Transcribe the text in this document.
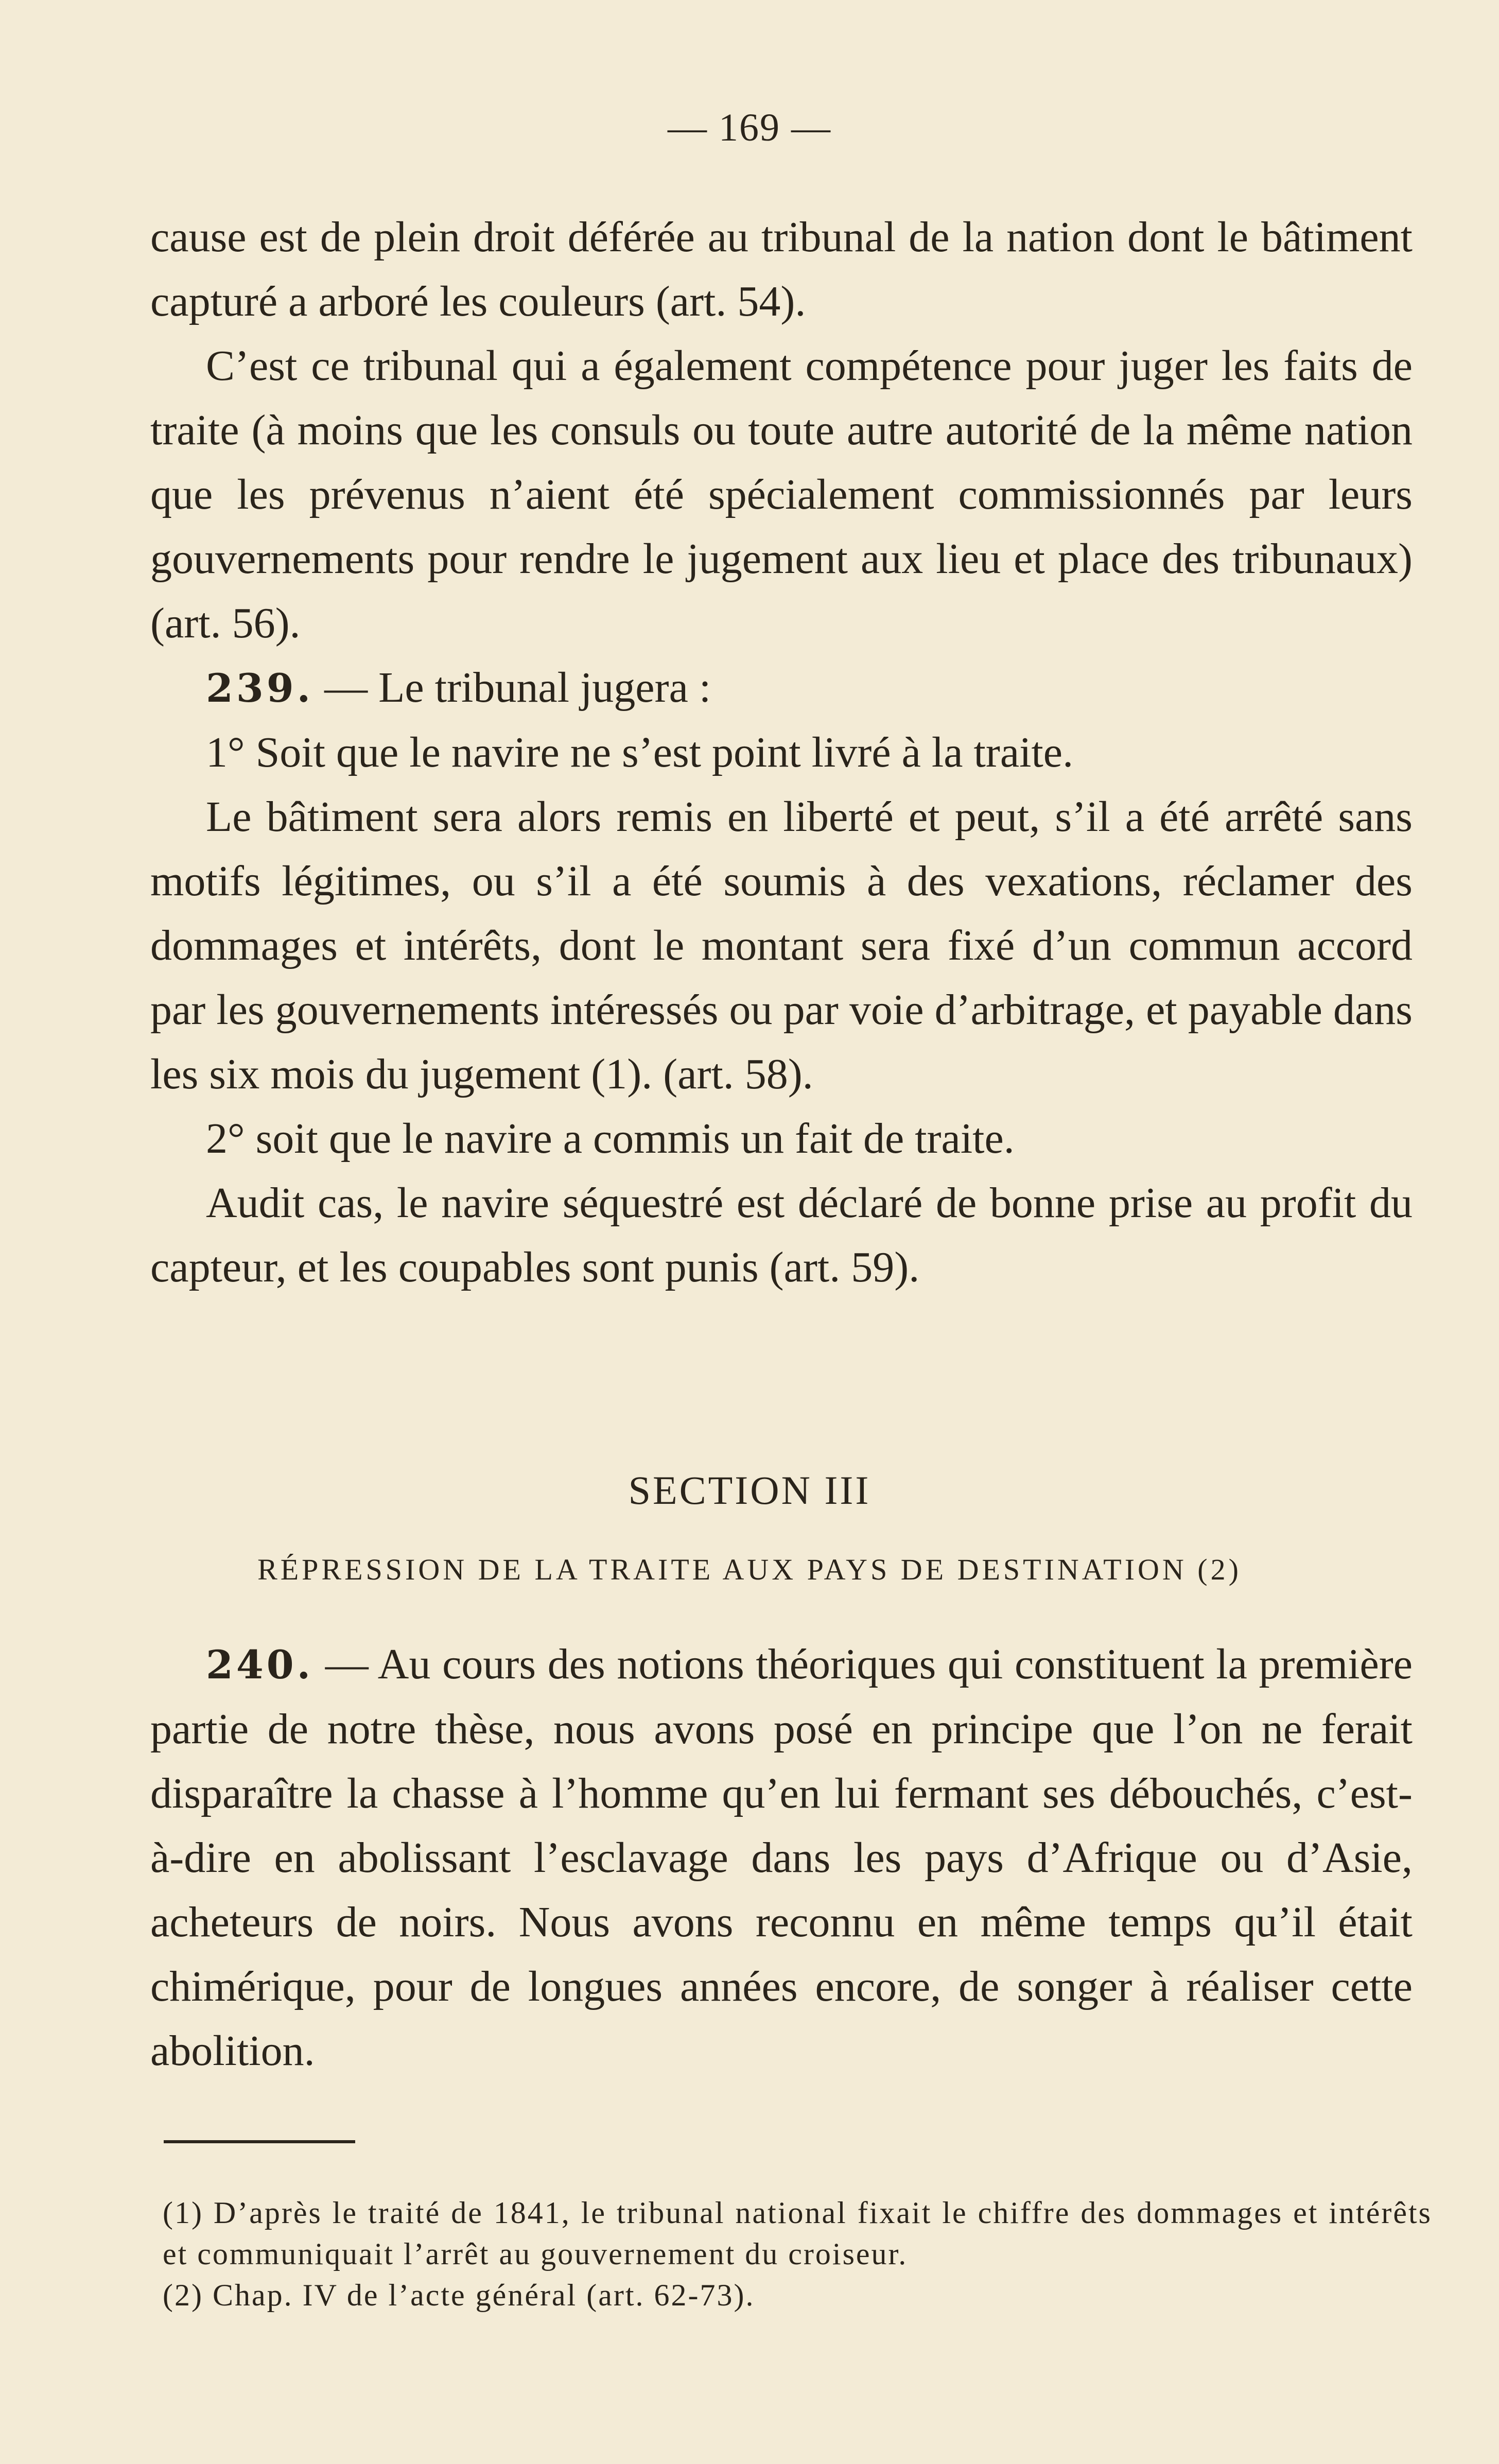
— 169 —

cause est de plein droit déférée au tribunal de la nation dont le bâtiment capturé a arboré les couleurs (art. 54).

C’est ce tribunal qui a également compétence pour juger les faits de traite (à moins que les consuls ou toute autre autorité de la même nation que les prévenus n’aient été spécialement commissionnés par leurs gouvernements pour rendre le jugement aux lieu et place des tribunaux) (art. 56).

239. — Le tribunal jugera :

1° Soit que le navire ne s’est point livré à la traite.

Le bâtiment sera alors remis en liberté et peut, s’il a été arrêté sans motifs légitimes, ou s’il a été soumis à des vexations, réclamer des dommages et intérêts, dont le montant sera fixé d’un commun accord par les gouvernements intéressés ou par voie d’arbitrage, et payable dans les six mois du jugement (1). (art. 58).

2° soit que le navire a commis un fait de traite.

Audit cas, le navire séquestré est déclaré de bonne prise au profit du capteur, et les coupables sont punis (art. 59).

SECTION III
RÉPRESSION DE LA TRAITE AUX PAYS DE DESTINATION (2)

240. — Au cours des notions théoriques qui constituent la première partie de notre thèse, nous avons posé en principe que l’on ne ferait disparaître la chasse à l’homme qu’en lui fermant ses débouchés, c’est-à-dire en abolissant l’esclavage dans les pays d’Afrique ou d’Asie, acheteurs de noirs. Nous avons reconnu en même temps qu’il était chimérique, pour de longues années encore, de songer à réaliser cette abolition.

(1) D’après le traité de 1841, le tribunal national fixait le chiffre des dommages et intérêts et communiquait l’arrêt au gouvernement du croiseur.

(2) Chap. IV de l’acte général (art. 62-73).
